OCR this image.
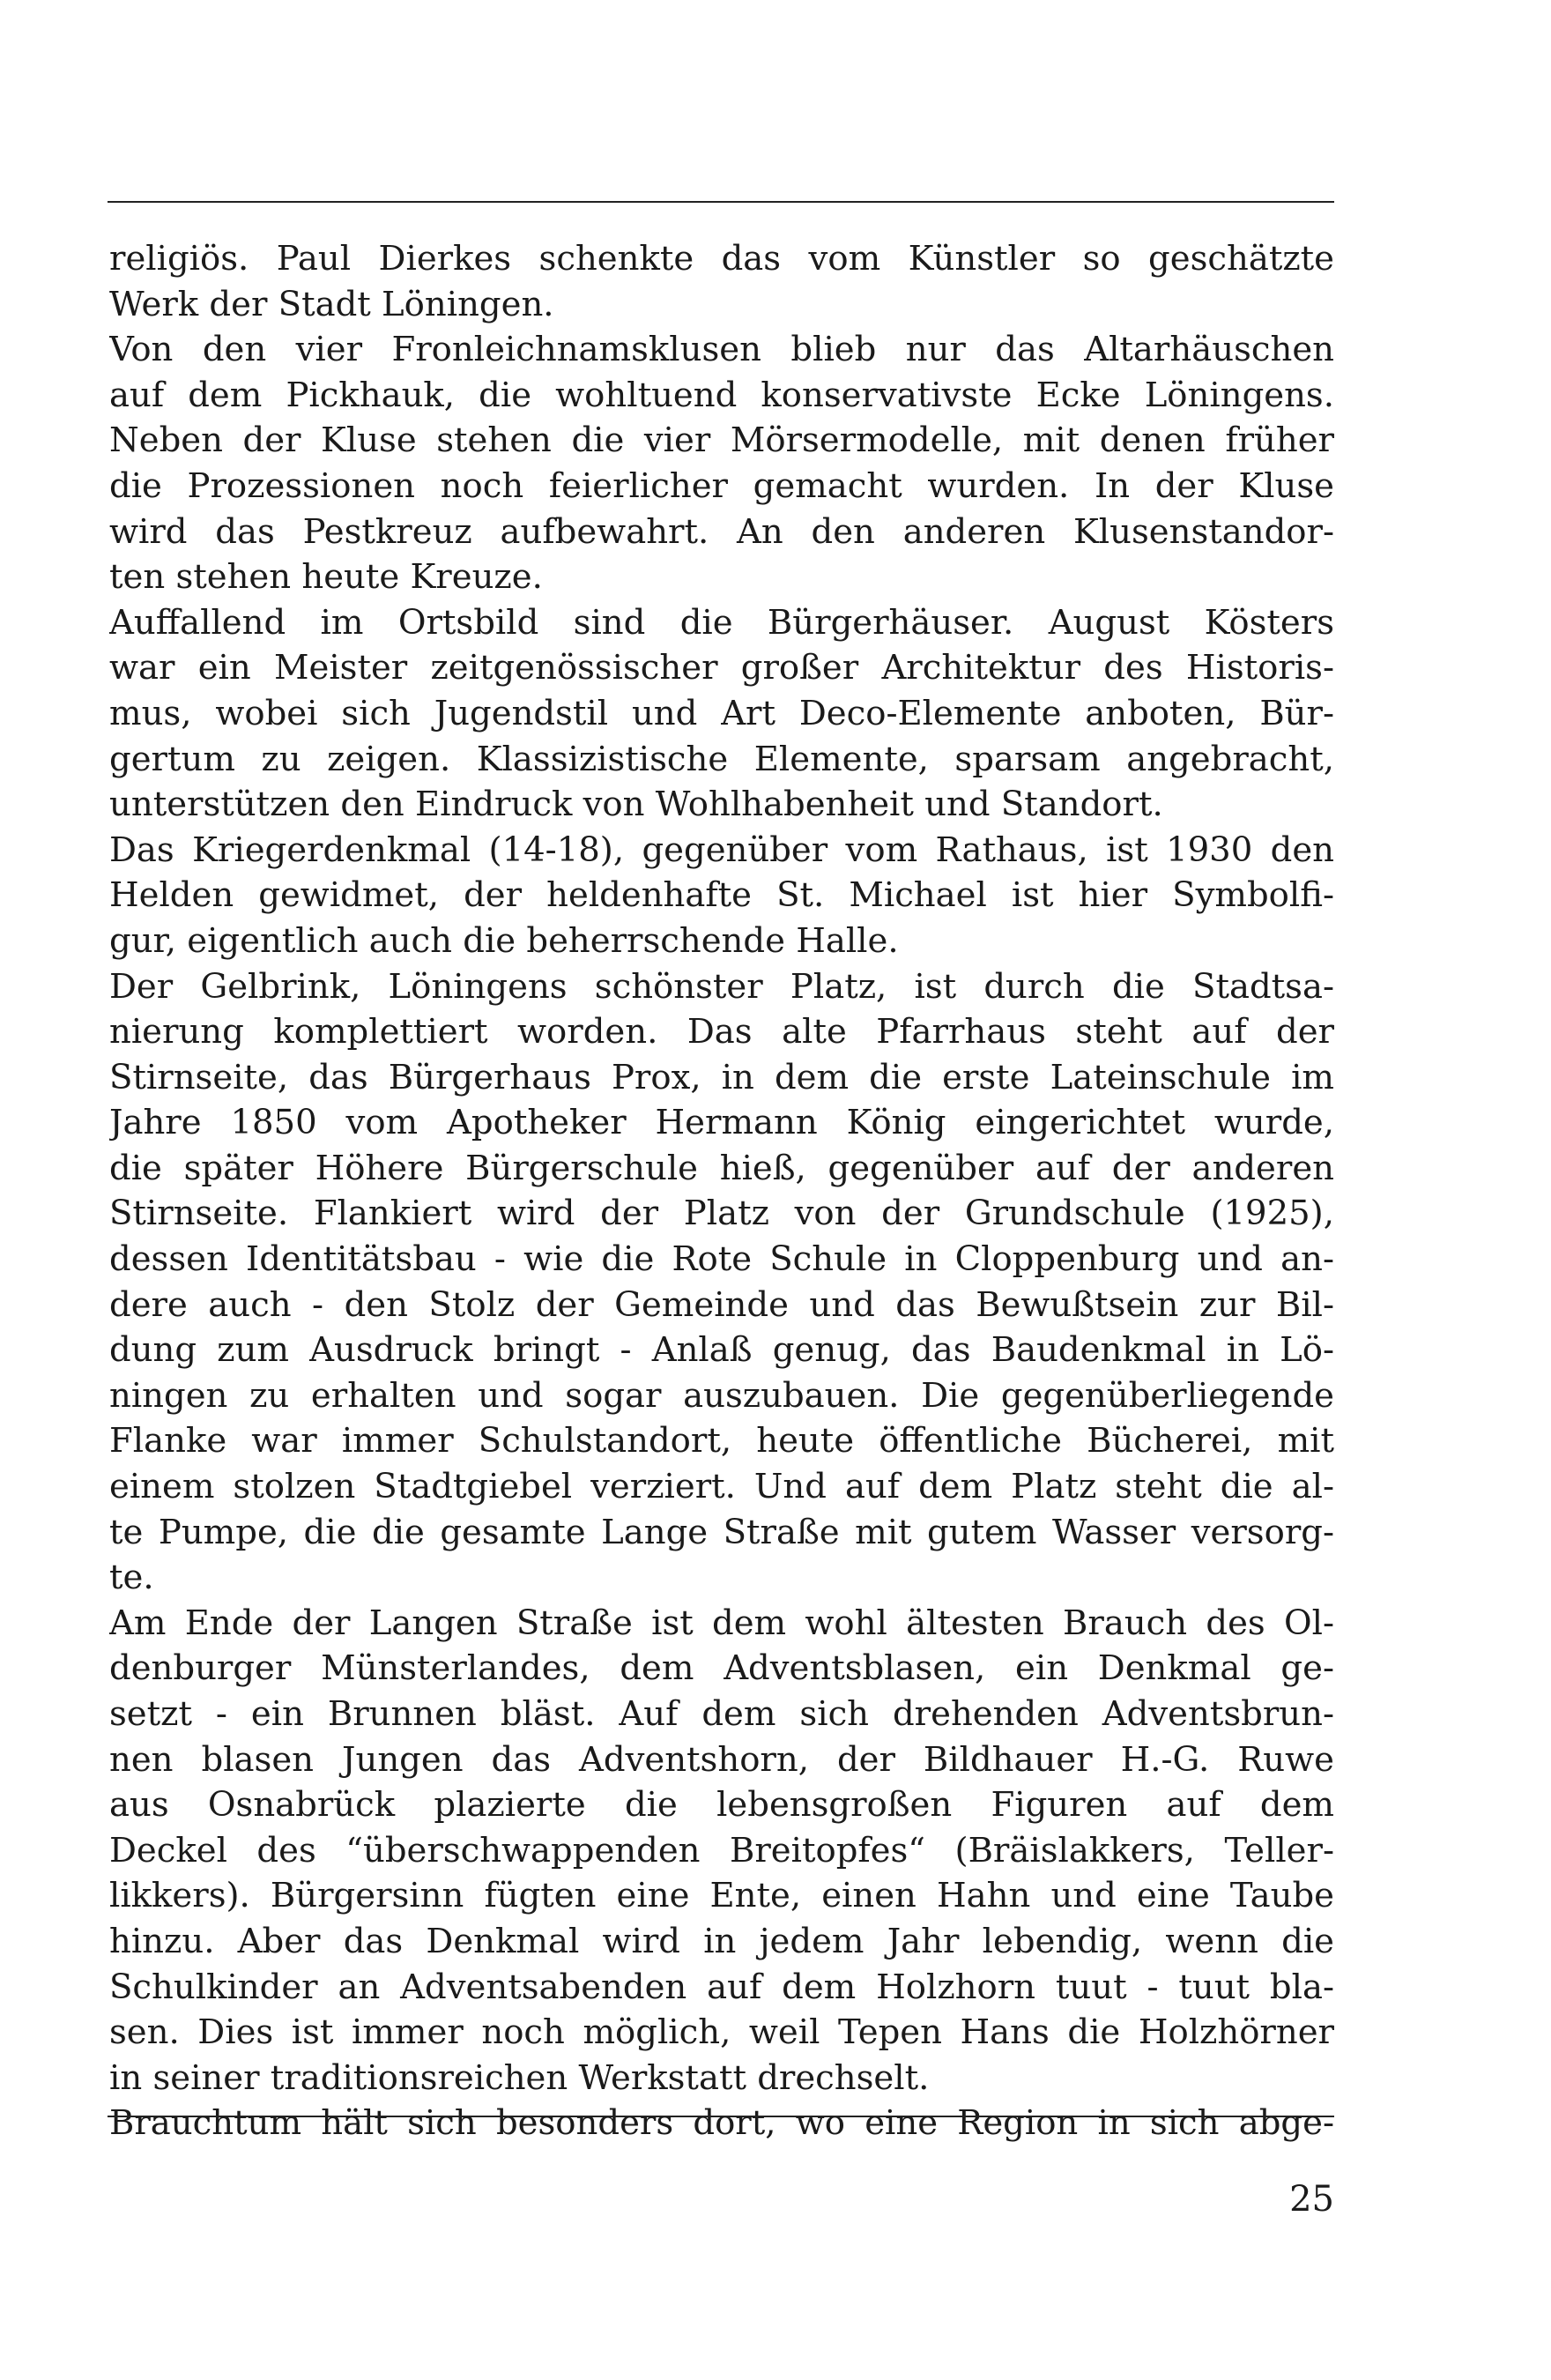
religiös. Paul Dierkes schenkte das vom Künstler so geschätzte
Werk der Stadt Löningen.
Von den vier Fronleichnamsklusen blieb nur das Altarhäuschen
auf dem Pickhauk, die wohltuend konservativste Ecke Löningens.
Neben der Kluse stehen die vier Mörsermodelle, mit denen früher
die Prozessionen noch feierlicher gemacht wurden. In der Kluse
wird das Pestkreuz aufbewahrt. An den anderen Klusenstandor-
ten stehen heute Kreuze.
Auffallend im Ortsbild sind die Bürgerhäuser. August Kösters
war ein Meister zeitgenössischer großer Architektur des Historis-
mus, wobei sich Jugendstil und Art Deco-Elemente anboten, Bür-
gertum zu zeigen. Klassizistische Elemente, sparsam angebracht,
unterstützen den Eindruck von Wohlhabenheit und Standort.
Das Kriegerdenkmal (14-18), gegenüber vom Rathaus, ist 1930 den
Helden gewidmet, der heldenhafte St. Michael ist hier Symbolfi-
gur, eigentlich auch die beherrschende Halle.
Der Gelbrink, Löningens schönster Platz, ist durch die Stadtsa-
nierung komplettiert worden. Das alte Pfarrhaus steht auf der
Stirnseite, das Bürgerhaus Prox, in dem die erste Lateinschule im
Jahre 1850 vom Apotheker Hermann König eingerichtet wurde,
die später Höhere Bürgerschule hieß, gegenüber auf der anderen
Stirnseite. Flankiert wird der Platz von der Grundschule (1925),
dessen Identitätsbau - wie die Rote Schule in Cloppenburg und an-
dere auch - den Stolz der Gemeinde und das Bewußtsein zur Bil-
dung zum Ausdruck bringt - Anlaß genug, das Baudenkmal in Lö-
ningen zu erhalten und sogar auszubauen. Die gegenüberliegende
Flanke war immer Schulstandort, heute öffentliche Bücherei, mit
einem stolzen Stadtgiebel verziert. Und auf dem Platz steht die al-
te Pumpe, die die gesamte Lange Straße mit gutem Wasser versorg-
te.
Am Ende der Langen Straße ist dem wohl ältesten Brauch des Ol-
denburger Münsterlandes, dem Adventsblasen, ein Denkmal ge-
setzt - ein Brunnen bläst. Auf dem sich drehenden Adventsbrun-
nen blasen Jungen das Adventshorn, der Bildhauer H.-G. Ruwe
aus Osnabrück plazierte die lebensgroßen Figuren auf dem
Deckel des “überschwappenden Breitopfes“ (Bräislakkers, Teller-
likkers). Bürgersinn fügten eine Ente, einen Hahn und eine Taube
hinzu. Aber das Denkmal wird in jedem Jahr lebendig, wenn die
Schulkinder an Adventsabenden auf dem Holzhorn tuut - tuut bla-
sen. Dies ist immer noch möglich, weil Tepen Hans die Holzhörner
in seiner traditionsreichen Werkstatt drechselt.
Brauchtum hält sich besonders dort, wo eine Region in sich abge-
25
